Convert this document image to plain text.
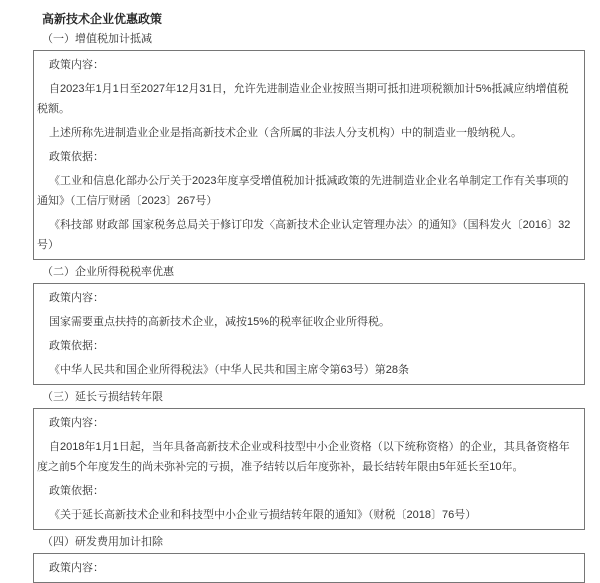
高新技术企业优惠政策
（一）增值税加计抵减

政策内容：

自2023年1月1日至2027年12月31日，允许先进制造业企业按照当期可抵扣进项税额加计5%抵减应纳增值税税额。

上述所称先进制造业企业是指高新技术企业（含所属的非法人分支机构）中的制造业一般纳税人。

政策依据：

《工业和信息化部办公厅关于2023年度享受增值税加计抵减政策的先进制造业企业名单制定工作有关事项的通知》（工信厅财函〔2023〕267号）

《科技部 财政部 国家税务总局关于修订印发〈高新技术企业认定管理办法〉的通知》（国科发火〔2016〕32号）

（二）企业所得税税率优惠

政策内容：

国家需要重点扶持的高新技术企业，减按15%的税率征收企业所得税。

政策依据：

《中华人民共和国企业所得税法》（中华人民共和国主席令第63号）第28条

（三）延长亏损结转年限

政策内容：

自2018年1月1日起，当年具备高新技术企业或科技型中小企业资格（以下统称资格）的企业，其具备资格年度之前5个年度发生的尚未弥补完的亏损，准予结转以后年度弥补，最长结转年限由5年延长至10年。

政策依据：

《关于延长高新技术企业和科技型中小企业亏损结转年限的通知》（财税〔2018〕76号）

（四）研发费用加计扣除

政策内容：
